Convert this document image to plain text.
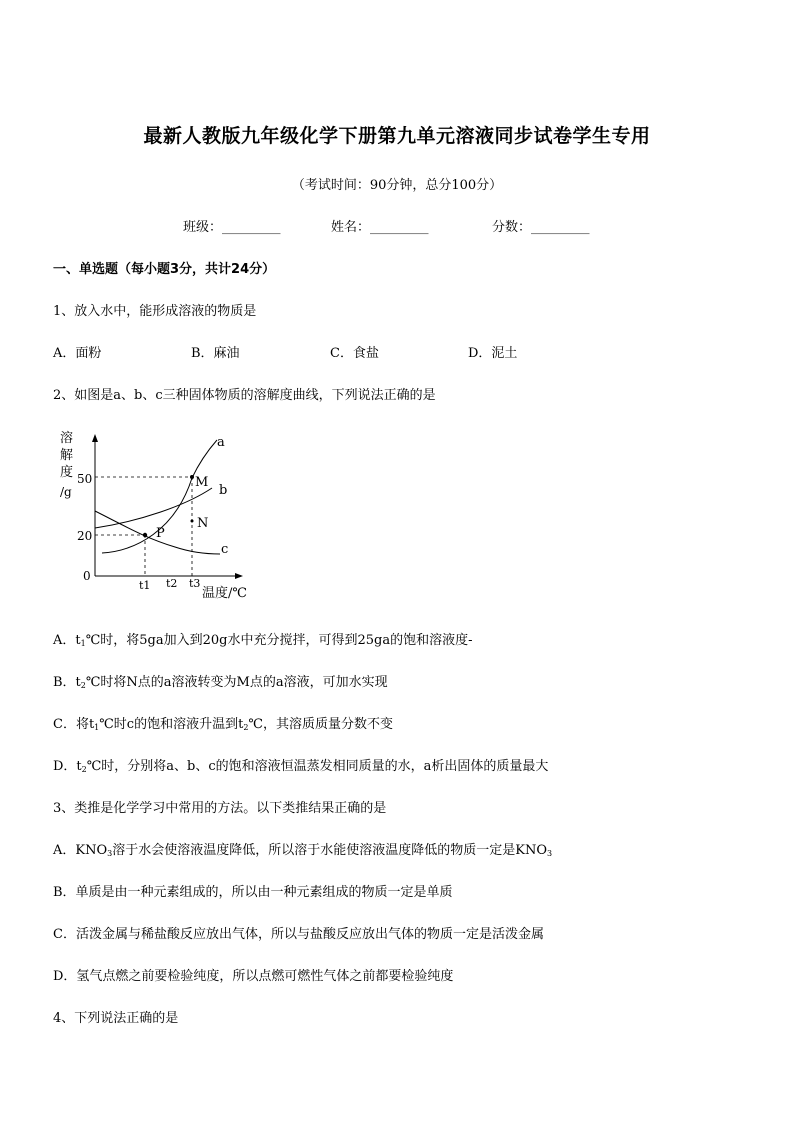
最新人教版九年级化学下册第九单元溶液同步试卷学生专用
（考试时间：90分钟，总分100分）
班级：_________	姓名：_________	分数：_________
一、单选题（每小题3分，共计24分）
1、放入水中，能形成溶液的物质是
A．面粉	B．麻油	C．食盐	D．泥土
2、如图是a、b、c三种固体物质的溶解度曲线，下列说法正确的是
溶
解
度
/g
50
20
0
a
b
c
P
M
N
t1 t2 t3
温度/℃
A．$t_1℃$时，将5ga加入到20g水中充分搅拌，可得到25ga的饱和溶液度-
B．$t_2℃$时将N点的a溶液转变为M点的a溶液，可加水实现
C．将$t_1℃$时c的饱和溶液升温到$t_2℃$，其溶质质量分数不变
D．$t_2℃$时，分别将a、b、c的饱和溶液恒温蒸发相同质量的水，a析出固体的质量最大
3、类推是化学学习中常用的方法。以下类推结果正确的是
A．$KNO_3$溶于水会使溶液温度降低，所以溶于水能使溶液温度降低的物质一定是$KNO_3$
B．单质是由一种元素组成的，所以由一种元素组成的物质一定是单质
C．活泼金属与稀盐酸反应放出气体，所以与盐酸反应放出气体的物质一定是活泼金属
D．氢气点燃之前要检验纯度，所以点燃可燃性气体之前都要检验纯度
4、下列说法正确的是
